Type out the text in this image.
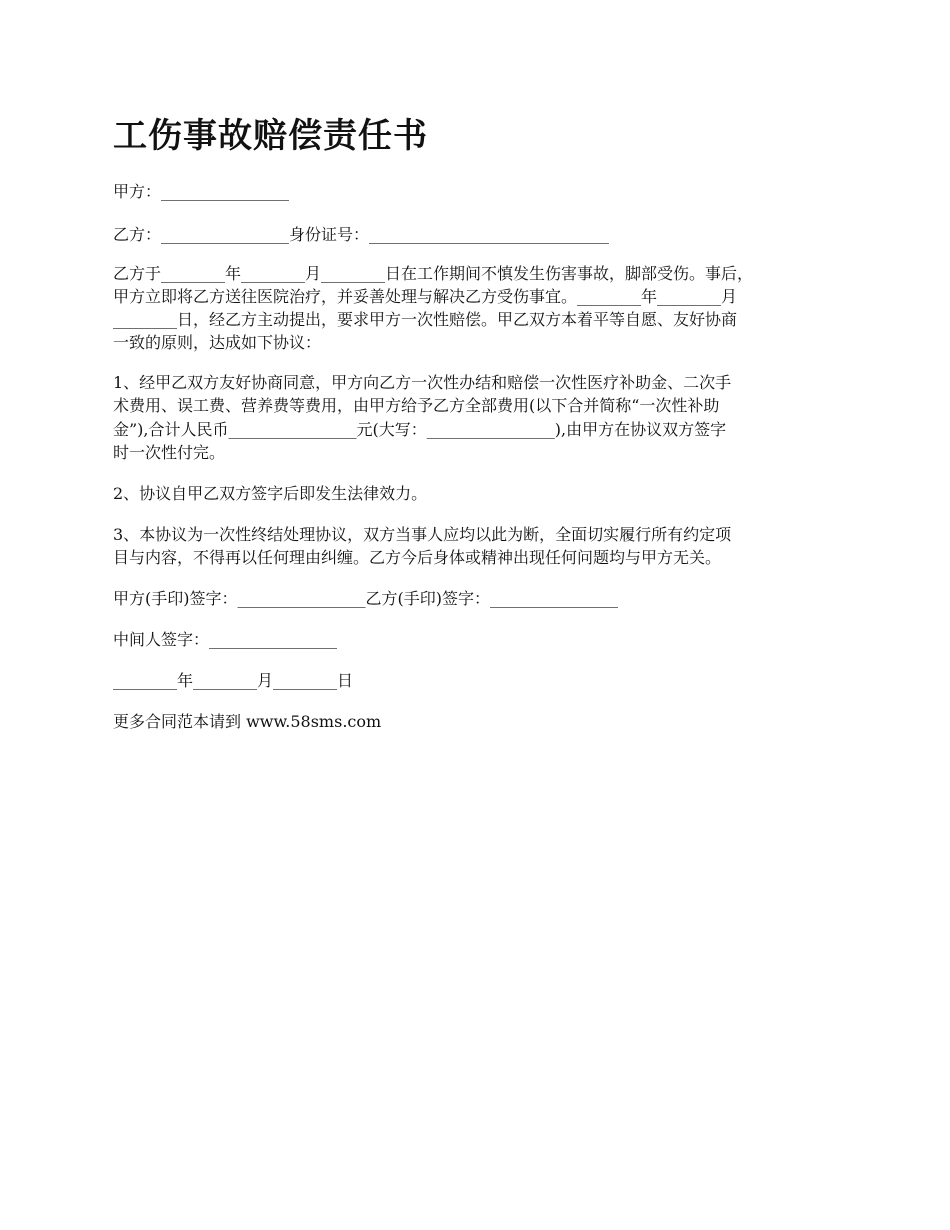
工伤事故赔偿责任书

甲方：________________

乙方：________________身份证号：______________________________

乙方于________年________月________日在工作期间不慎发生伤害事故，脚部受伤。事后，

甲方立即将乙方送往医院治疗，并妥善处理与解决乙方受伤事宜。________年________月

________日，经乙方主动提出，要求甲方一次性赔偿。甲乙双方本着平等自愿、友好协商

一致的原则，达成如下协议：

1、经甲乙双方友好协商同意，甲方向乙方一次性办结和赔偿一次性医疗补助金、二次手

术费用、误工费、营养费等费用，由甲方给予乙方全部费用(以下合并简称“一次性补助

金”),合计人民币________________元(大写：________________),由甲方在协议双方签字

时一次性付完。

2、协议自甲乙双方签字后即发生法律效力。

3、本协议为一次性终结处理协议，双方当事人应均以此为断，全面切实履行所有约定项

目与内容，不得再以任何理由纠缠。乙方今后身体或精神出现任何问题均与甲方无关。

甲方(手印)签字：________________乙方(手印)签字：________________

中间人签字：________________

________年________月________日

更多合同范本请到 www.58sms.com
